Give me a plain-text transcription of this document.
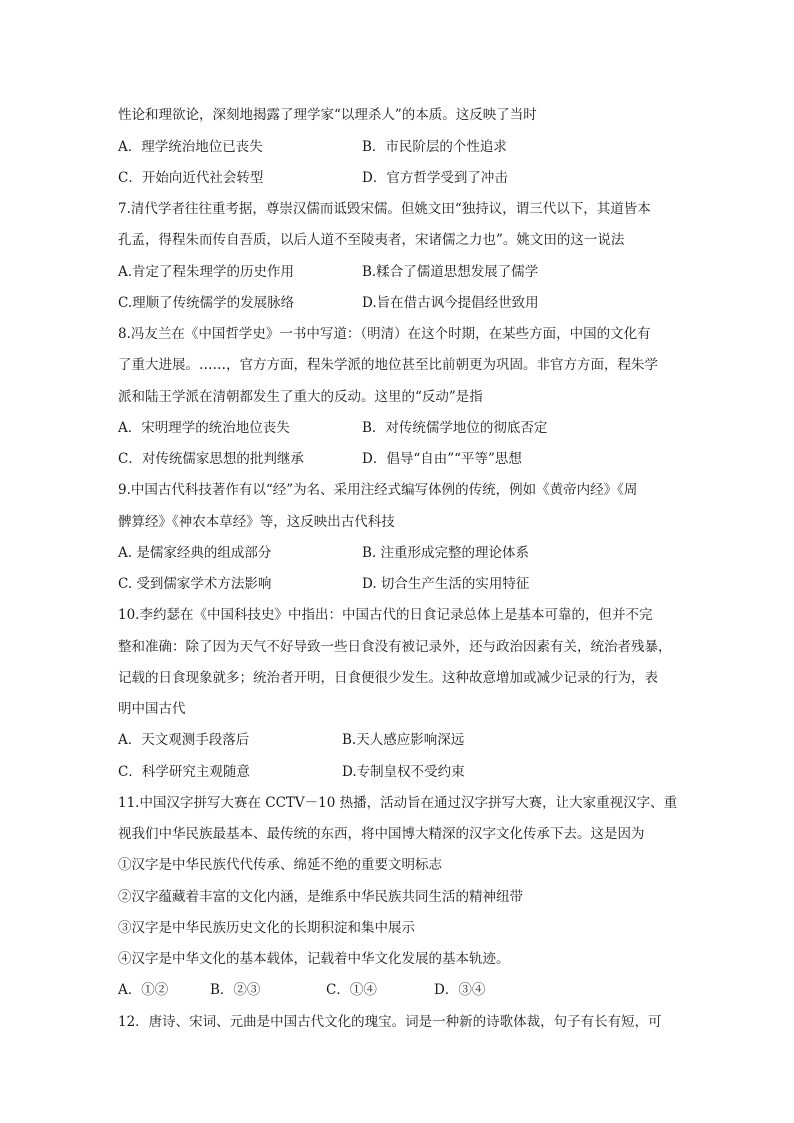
性论和理欲论，深刻地揭露了理学家“以理杀人”的本质。这反映了当时
A．理学统治地位已丧失	B．市民阶层的个性追求
C．开始向近代社会转型	D．官方哲学受到了冲击
7.清代学者往往重考据，尊崇汉儒而诋毁宋儒。但姚文田“独持议，谓三代以下，其道皆本
孔孟，得程朱而传自吾质，以后人道不至陵夷者，宋诸儒之力也”。姚文田的这一说法
A.肯定了程朱理学的历史作用	B.糅合了儒道思想发展了儒学
C.理顺了传统儒学的发展脉络	D.旨在借古讽今提倡经世致用
8.冯友兰在《中国哲学史》一书中写道：（明清）在这个时期，在某些方面，中国的文化有
了重大进展。……，官方方面，程朱学派的地位甚至比前朝更为巩固。非官方方面，程朱学
派和陆王学派在清朝都发生了重大的反动。这里的“反动”是指
A．宋明理学的统治地位丧失	B．对传统儒学地位的彻底否定
C．对传统儒家思想的批判继承	D．倡导“自由”“平等”思想
9.中国古代科技著作有以“经”为名、采用注经式编写体例的传统，例如《黄帝内经》《周
髀算经》《神农本草经》等，这反映出古代科技
A. 是儒家经典的组成部分	B. 注重形成完整的理论体系
C. 受到儒家学术方法影响	D. 切合生产生活的实用特征
10.李约瑟在《中国科技史》中指出：中国古代的日食记录总体上是基本可靠的，但并不完
整和准确：除了因为天气不好导致一些日食没有被记录外，还与政治因素有关，统治者残暴，
记载的日食现象就多；统治者开明，日食便很少发生。这种故意增加或减少记录的行为，表
明中国古代
A．天文观测手段落后	B.天人感应影响深远
C．科学研究主观随意	D.专制皇权不受约束
11.中国汉字拼写大赛在 CCTV－10 热播，活动旨在通过汉字拼写大赛，让大家重视汉字、重
视我们中华民族最基本、最传统的东西，将中国博大精深的汉字文化传承下去。这是因为
①汉字是中华民族代代传承、绵延不绝的重要文明标志
②汉字蕴藏着丰富的文化内涵，是维系中华民族共同生活的精神纽带
③汉字是中华民族历史文化的长期积淀和集中展示
④汉字是中华文化的基本载体，记载着中华文化发展的基本轨迹。
A．①②	B．②③	C．①④	D．③④
12．唐诗、宋词、元曲是中国古代文化的瑰宝。词是一种新的诗歌体裁，句子有长有短，可
